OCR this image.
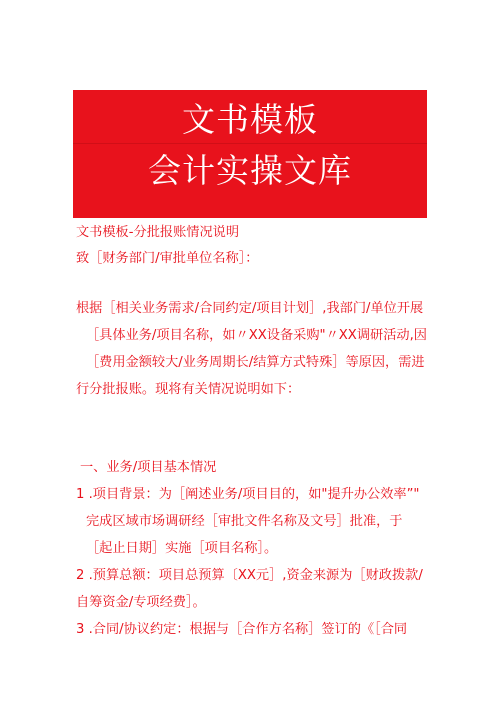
文书模板
会计实操文库
文书模板-分批报账情况说明
致［财务部门/审批单位名称］：
根据［相关业务需求/合同约定/项目计划］,我部门/单位开展
［具体业务/项目名称，如〃XX设备采购"〃XX调研活动,因
［费用金额较大/业务周期长/结算方式特殊］等原因，需进
行分批报账。现将有关情况说明如下：
一、业务/项目基本情况
1 .项目背景：为［阐述业务/项目目的，如"提升办公效率”"
完成区域市场调研经［审批文件名称及文号］批准，于
［起止日期］实施［项目名称］。
2 .预算总额：项目总预算〔XX元］,资金来源为［财政拨款/
自筹资金/专项经费］。
3 .合同/协议约定：根据与［合作方名称］签订的《［合同
